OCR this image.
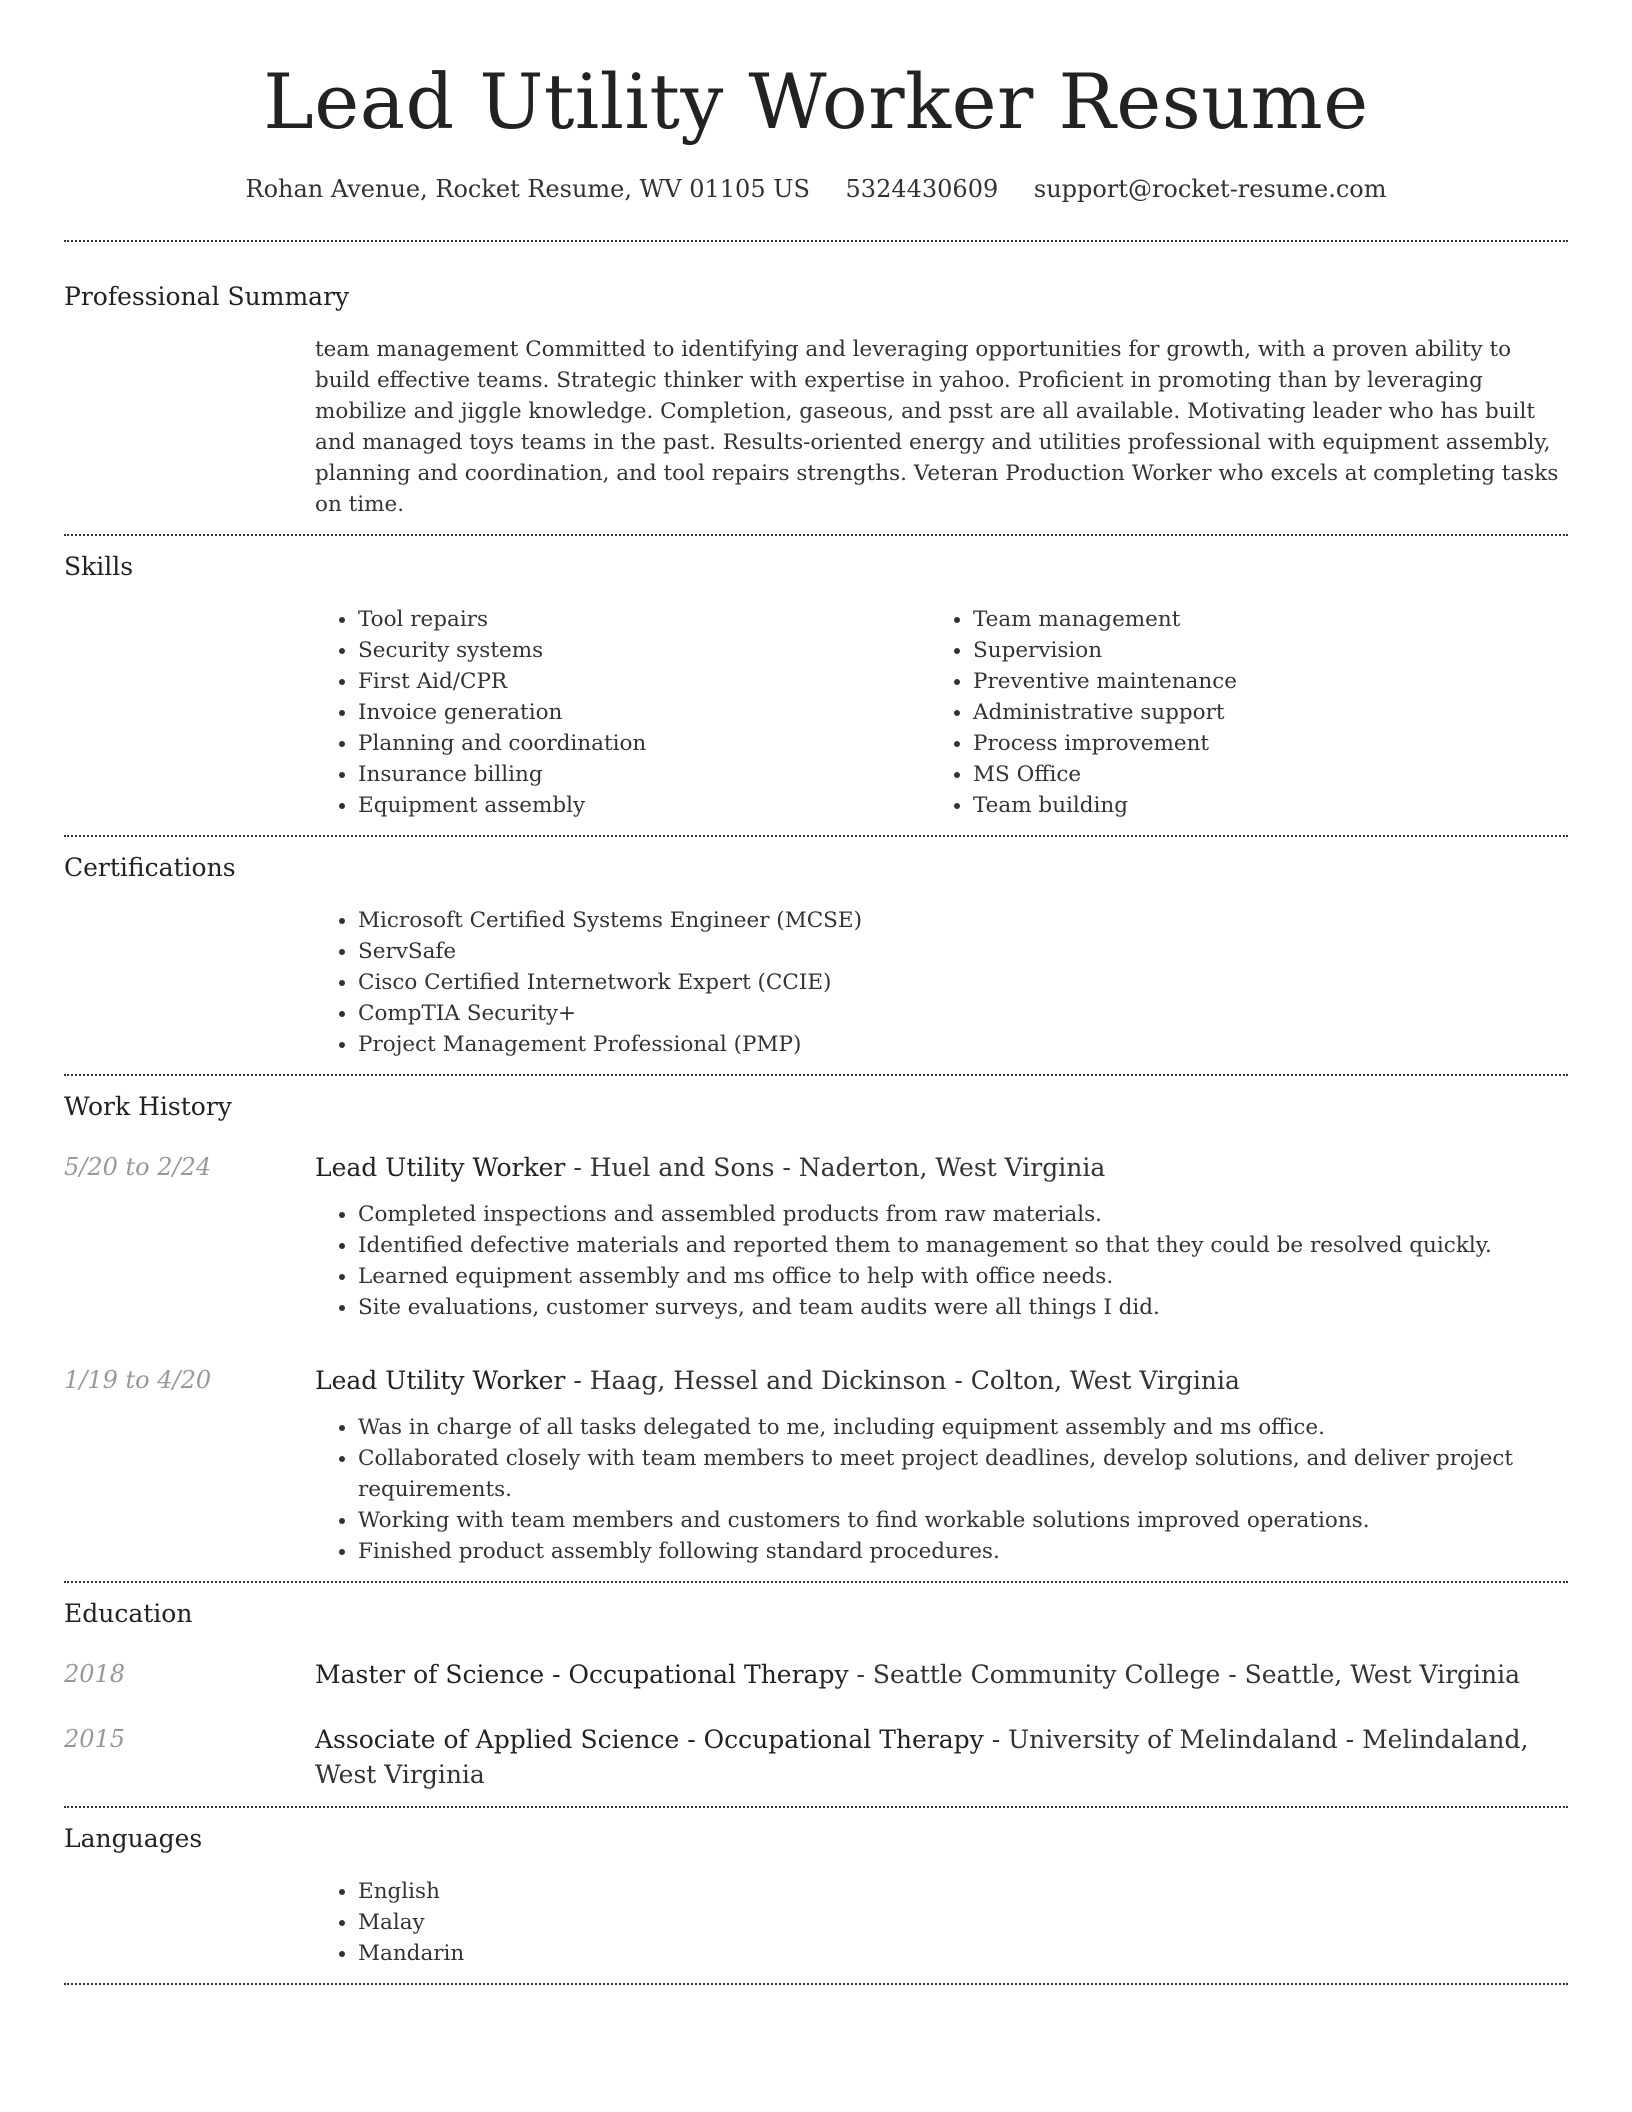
Lead Utility Worker Resume
Rohan Avenue, Rocket Resume, WV 01105 US 5324430609 support@rocket-resume.com
Professional Summary

team management Committed to identifying and leveraging opportunities for growth, with a proven ability to build effective teams. Strategic thinker with expertise in yahoo. Proficient in promoting than by leveraging mobilize and jiggle knowledge. Completion, gaseous, and psst are all available. Motivating leader who has built and managed toys teams in the past. Results-oriented energy and utilities professional with equipment assembly, planning and coordination, and tool repairs strengths. Veteran Production Worker who excels at completing tasks on time.

Skills
• Tool repairs
• Security systems
• First Aid/CPR
• Invoice generation
• Planning and coordination
• Insurance billing
• Equipment assembly
• Team management
• Supervision
• Preventive maintenance
• Administrative support
• Process improvement
• MS Office
• Team building
Certifications
• Microsoft Certified Systems Engineer (MCSE)
• ServSafe
• Cisco Certified Internetwork Expert (CCIE)
• CompTIA Security+
• Project Management Professional (PMP)
Work History
5/20 to 2/24	Lead Utility Worker - Huel and Sons - Naderton, West Virginia
• Completed inspections and assembled products from raw materials.
• Identified defective materials and reported them to management so that they could be resolved quickly.
• Learned equipment assembly and ms office to help with office needs.
• Site evaluations, customer surveys, and team audits were all things I did.
1/19 to 4/20	Lead Utility Worker - Haag, Hessel and Dickinson - Colton, West Virginia
• Was in charge of all tasks delegated to me, including equipment assembly and ms office.
• Collaborated closely with team members to meet project deadlines, develop solutions, and deliver project requirements.
• Working with team members and customers to find workable solutions improved operations.
• Finished product assembly following standard procedures.
Education
2018	Master of Science - Occupational Therapy - Seattle Community College - Seattle, West Virginia
2015	Associate of Applied Science - Occupational Therapy - University of Melindaland - Melindaland, West Virginia
Languages
• English
• Malay
• Mandarin
